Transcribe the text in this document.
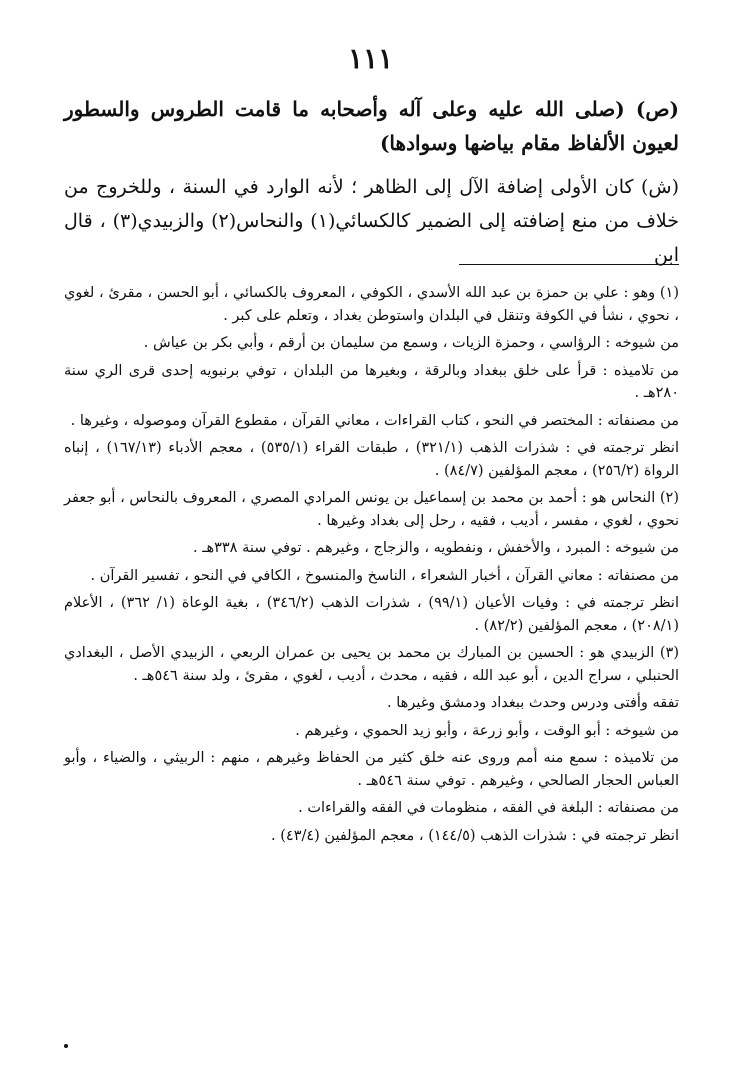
١١١
(ص) (صلى الله عليه وعلى آله وأصحابه ما قامت الطروس والسطور لعيون الألفاظ مقام بياضها وسوادها)
(ش) كان الأولى إضافة الآل إلى الظاهر ؛ لأنه الوارد في السنة ، وللخروج من خلاف من منع إضافته إلى الضمير كالكسائي(١) والنحاس(٢) والزبيدي(٣) ، قال ابن

(١) وهو : علي بن حمزة بن عبد الله الأسدي ، الكوفي ، المعروف بالكسائي ، أبو الحسن ، مقرئ ، لغوي ، نحوي ، نشأ في الكوفة وتنقل في البلدان واستوطن بغداد ، وتعلم على كبر .

من شيوخه : الرؤاسي ، وحمزة الزيات ، وسمع من سليمان بن أرقم ، وأبي بكر بن عياش .

من تلاميذه : قرأ على خلق ببغداد وبالرقة ، وبغيرها من البلدان ، توفي برنبويه إحدى قرى الري سنة ٢٨٠هـ .

من مصنفاته : المختصر في النحو ، كتاب القراءات ، معاني القرآن ، مقطوع القرآن وموصوله ، وغيرها .

انظر ترجمته في : شذرات الذهب (٣٢١/١) ، طبقات القراء (٥٣٥/١) ، معجم الأدباء (١٦٧/١٣) ، إنباه الرواة (٢٥٦/٢) ، معجم المؤلفين (٨٤/٧) .

(٢) النحاس هو : أحمد بن محمد بن إسماعيل بن يونس المرادي المصري ، المعروف بالنحاس ، أبو جعفر نحوي ، لغوي ، مفسر ، أديب ، فقيه ، رحل إلى بغداد وغيرها .

من شيوخه : المبرد ، والأخفش ، ونفطويه ، والزجاج ، وغيرهم . توفي سنة ٣٣٨هـ .

من مصنفاته : معاني القرآن ، أخبار الشعراء ، الناسخ والمنسوخ ، الكافي في النحو ، تفسير القرآن .

انظر ترجمته في : وفيات الأعيان (٩٩/١) ، شذرات الذهب (٣٤٦/٢) ، بغية الوعاة (١/ ٣٦٢) ، الأعلام (٢٠٨/١) ، معجم المؤلفين (٨٢/٢) .

(٣) الزبيدي هو : الحسين بن المبارك بن محمد بن يحيى بن عمران الربعي ، الزبيدي الأصل ، البغدادي الحنبلي ، سراج الدين ، أبو عبد الله ، فقيه ، محدث ، أديب ، لغوي ، مقرئ ، ولد سنة ٥٤٦هـ .

تفقه وأفتى ودرس وحدث ببغداد ودمشق وغيرها .

من شيوخه : أبو الوقت ، وأبو زرعة ، وأبو زيد الحموي ، وغيرهم .

من تلاميذه : سمع منه أمم وروى عنه خلق كثير من الحفاظ وغيرهم ، منهم : الربيثي ، والضياء ، وأبو العباس الحجار الصالحي ، وغيرهم . توفي سنة ٥٤٦هـ .

من مصنفاته : البلغة في الفقه ، منظومات في الفقه والقراءات .

انظر ترجمته في : شذرات الذهب (١٤٤/٥) ، معجم المؤلفين (٤٣/٤) .
